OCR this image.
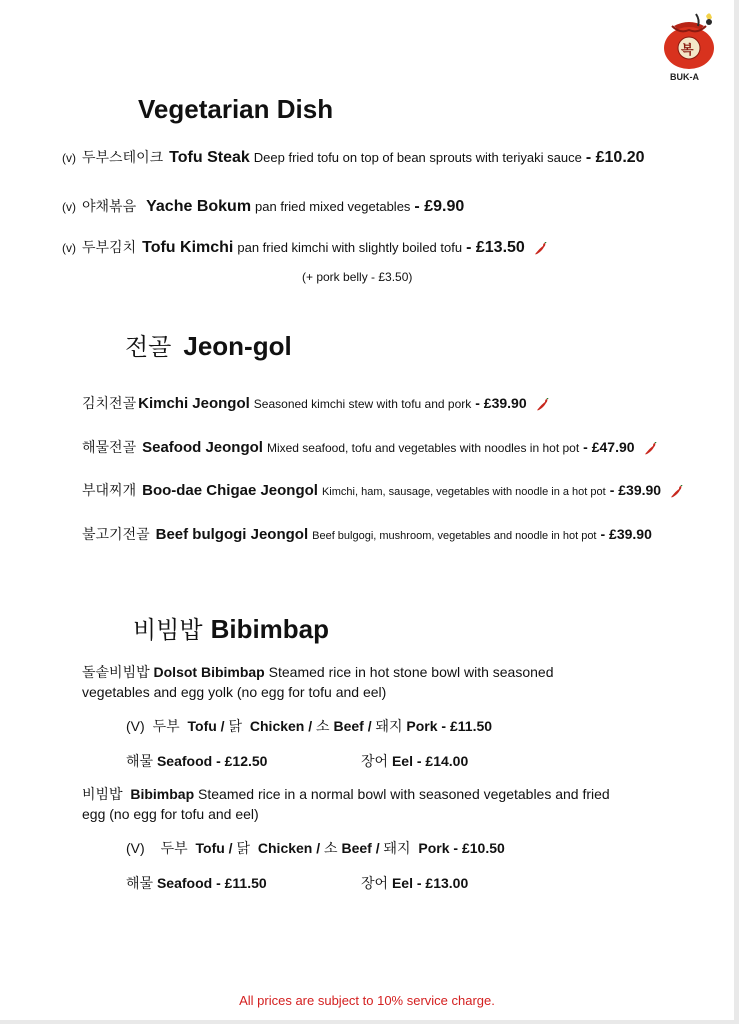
복
BUK-A
Vegetarian Dish
(v) 두부스테이크 Tofu Steak Deep fried tofu on top of bean sprouts with teriyaki sauce - £10.20
(v) 야채볶음 Yache Bokum pan fried mixed vegetables - £9.90
(v) 두부김치 Tofu Kimchi pan fried kimchi with slightly boiled tofu - £13.50
(+ pork belly - £3.50)
전골 Jeon-gol
김치전골 Kimchi Jeongol Seasoned kimchi stew with tofu and pork - £39.90
해물전골 Seafood Jeongol Mixed seafood, tofu and vegetables with noodles in hot pot - £47.90
부대찌개 Boo-dae Chigae Jeongol Kimchi, ham, sausage, vegetables with noodle in a hot pot - £39.90
불고기전골 Beef bulgogi Jeongol Beef bulgogi, mushroom, vegetables and noodle in hot pot - £39.90
비빔밥 Bibimbap
돌솥비빔밥 Dolsot Bibimbap Steamed rice in hot stone bowl with seasoned
vegetables and egg yolk (no egg for tofu and eel)
(V) 두부 Tofu / 닭 Chicken / 소 Beef / 돼지 Pork - £11.50
해물 Seafood - £12.50	장어 Eel - £14.00
비빔밥 Bibimbap Steamed rice in a normal bowl with seasoned vegetables and fried
egg (no egg for tofu and eel)
(V) 두부 Tofu / 닭 Chicken / 소 Beef / 돼지 Pork - £10.50
해물 Seafood - £11.50	장어 Eel - £13.00
All prices are subject to 10% service charge.
